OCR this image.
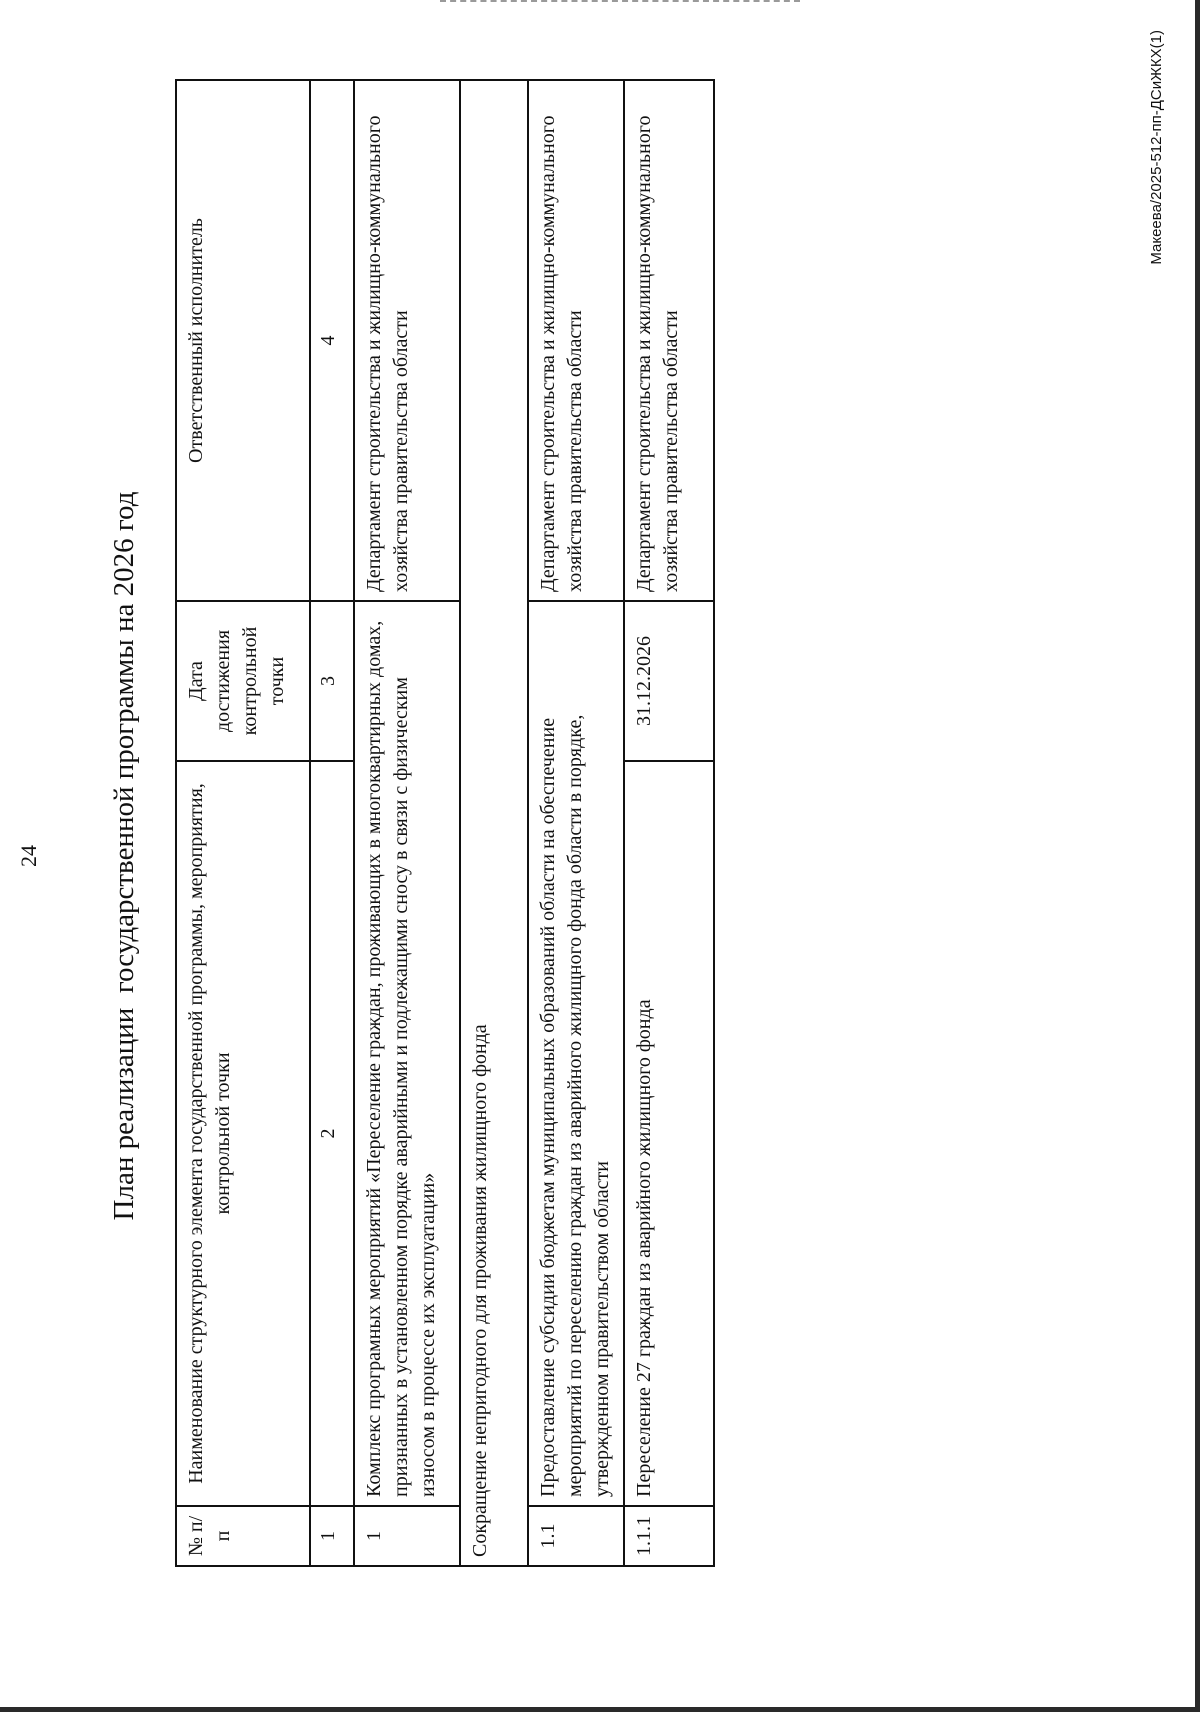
24 План реализации  государственной программы на 2026 год
№ п/п	Наименование структурного элемента государственной программы, мероприятия, контрольной точки	Дата достижения контрольной точки	Ответственный исполнитель
1	2	3	4
1	Комплекс програмных мероприятий «Переселение граждан, проживающих в многоквартирных домах, признанных в установленном порядке аварийными и подлежащими сносу в связи с физическим износом в процессе их эксплуатации»		Департамент строительства и жилищно-коммунального хозяйства правительства области
Сокращение непригодного для проживания жилищного фонда			
1.1	Предоставление субсидии бюджетам муниципальных образований области на обеспечение мероприятий по переселению граждан из аварийного жилищного фонда области в порядке, утвержденном правительством области		Департамент строительства и жилищно-коммунального хозяйства правительства области
1.1.1	Переселение 27 граждан из аварийного жилищного фонда	31.12.2026	Департамент строительства и жилищно-коммунального хозяйства правительства области
Макеева/2025-512-пп-ДСиЖКХ(1)
